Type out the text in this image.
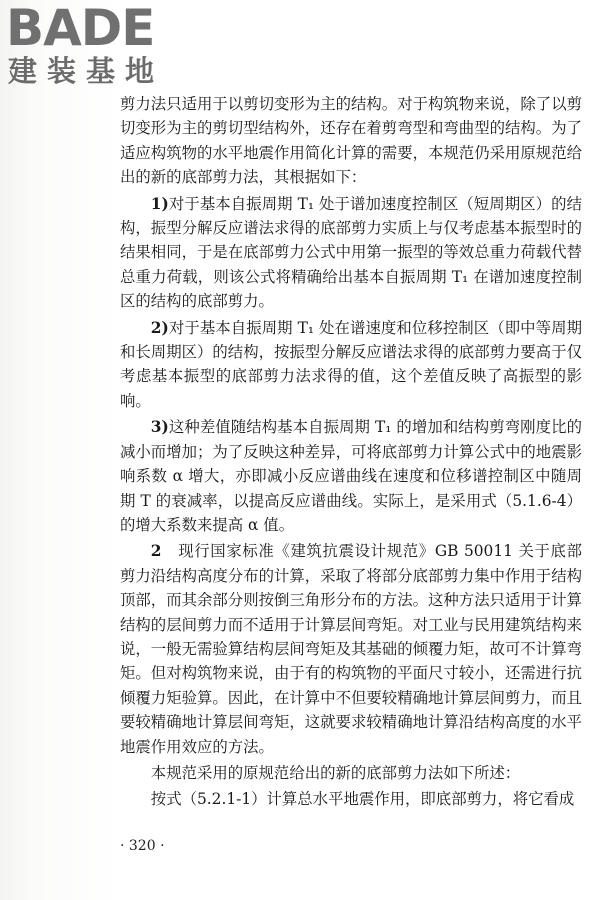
BADE
建装基地

剪力法只适用于以剪切变形为主的结构。对于构筑物来说，除了以剪切变形为主的剪切型结构外，还存在着剪弯型和弯曲型的结构。为了适应构筑物的水平地震作用简化计算的需要，本规范仍采用原规范给出的新的底部剪力法，其根据如下：

1)对于基本自振周期 T₁ 处于谱加速度控制区（短周期区）的结构，振型分解反应谱法求得的底部剪力实质上与仅考虑基本振型时的结果相同，于是在底部剪力公式中用第一振型的等效总重力荷载代替总重力荷载，则该公式将精确给出基本自振周期 T₁ 在谱加速度控制区的结构的底部剪力。

2)对于基本自振周期 T₁ 处在谱速度和位移控制区（即中等周期和长周期区）的结构，按振型分解反应谱法求得的底部剪力要高于仅考虑基本振型的底部剪力法求得的值，这个差值反映了高振型的影响。

3)这种差值随结构基本自振周期 T₁ 的增加和结构剪弯刚度比的减小而增加；为了反映这种差异，可将底部剪力计算公式中的地震影响系数 α 增大，亦即减小反应谱曲线在速度和位移谱控制区中随周期 T 的衰减率，以提高反应谱曲线。实际上，是采用式（5.1.6-4）的增大系数来提高 α 值。

2　 现行国家标准《建筑抗震设计规范》GB 50011 关于底部剪力沿结构高度分布的计算，采取了将部分底部剪力集中作用于结构顶部，而其余部分则按倒三角形分布的方法。这种方法只适用于计算结构的层间剪力而不适用于计算层间弯矩。对工业与民用建筑结构来说，一般无需验算结构层间弯矩及其基础的倾覆力矩，故可不计算弯矩。但对构筑物来说，由于有的构筑物的平面尺寸较小，还需进行抗倾覆力矩验算。因此，在计算中不但要较精确地计算层间剪力，而且要较精确地计算层间弯矩，这就要求较精确地计算沿结构高度的水平地震作用效应的方法。

本规范采用的原规范给出的新的底部剪力法如下所述：

按式（5.2.1-1）计算总水平地震作用，即底部剪力，将它看成

· 320 ·
